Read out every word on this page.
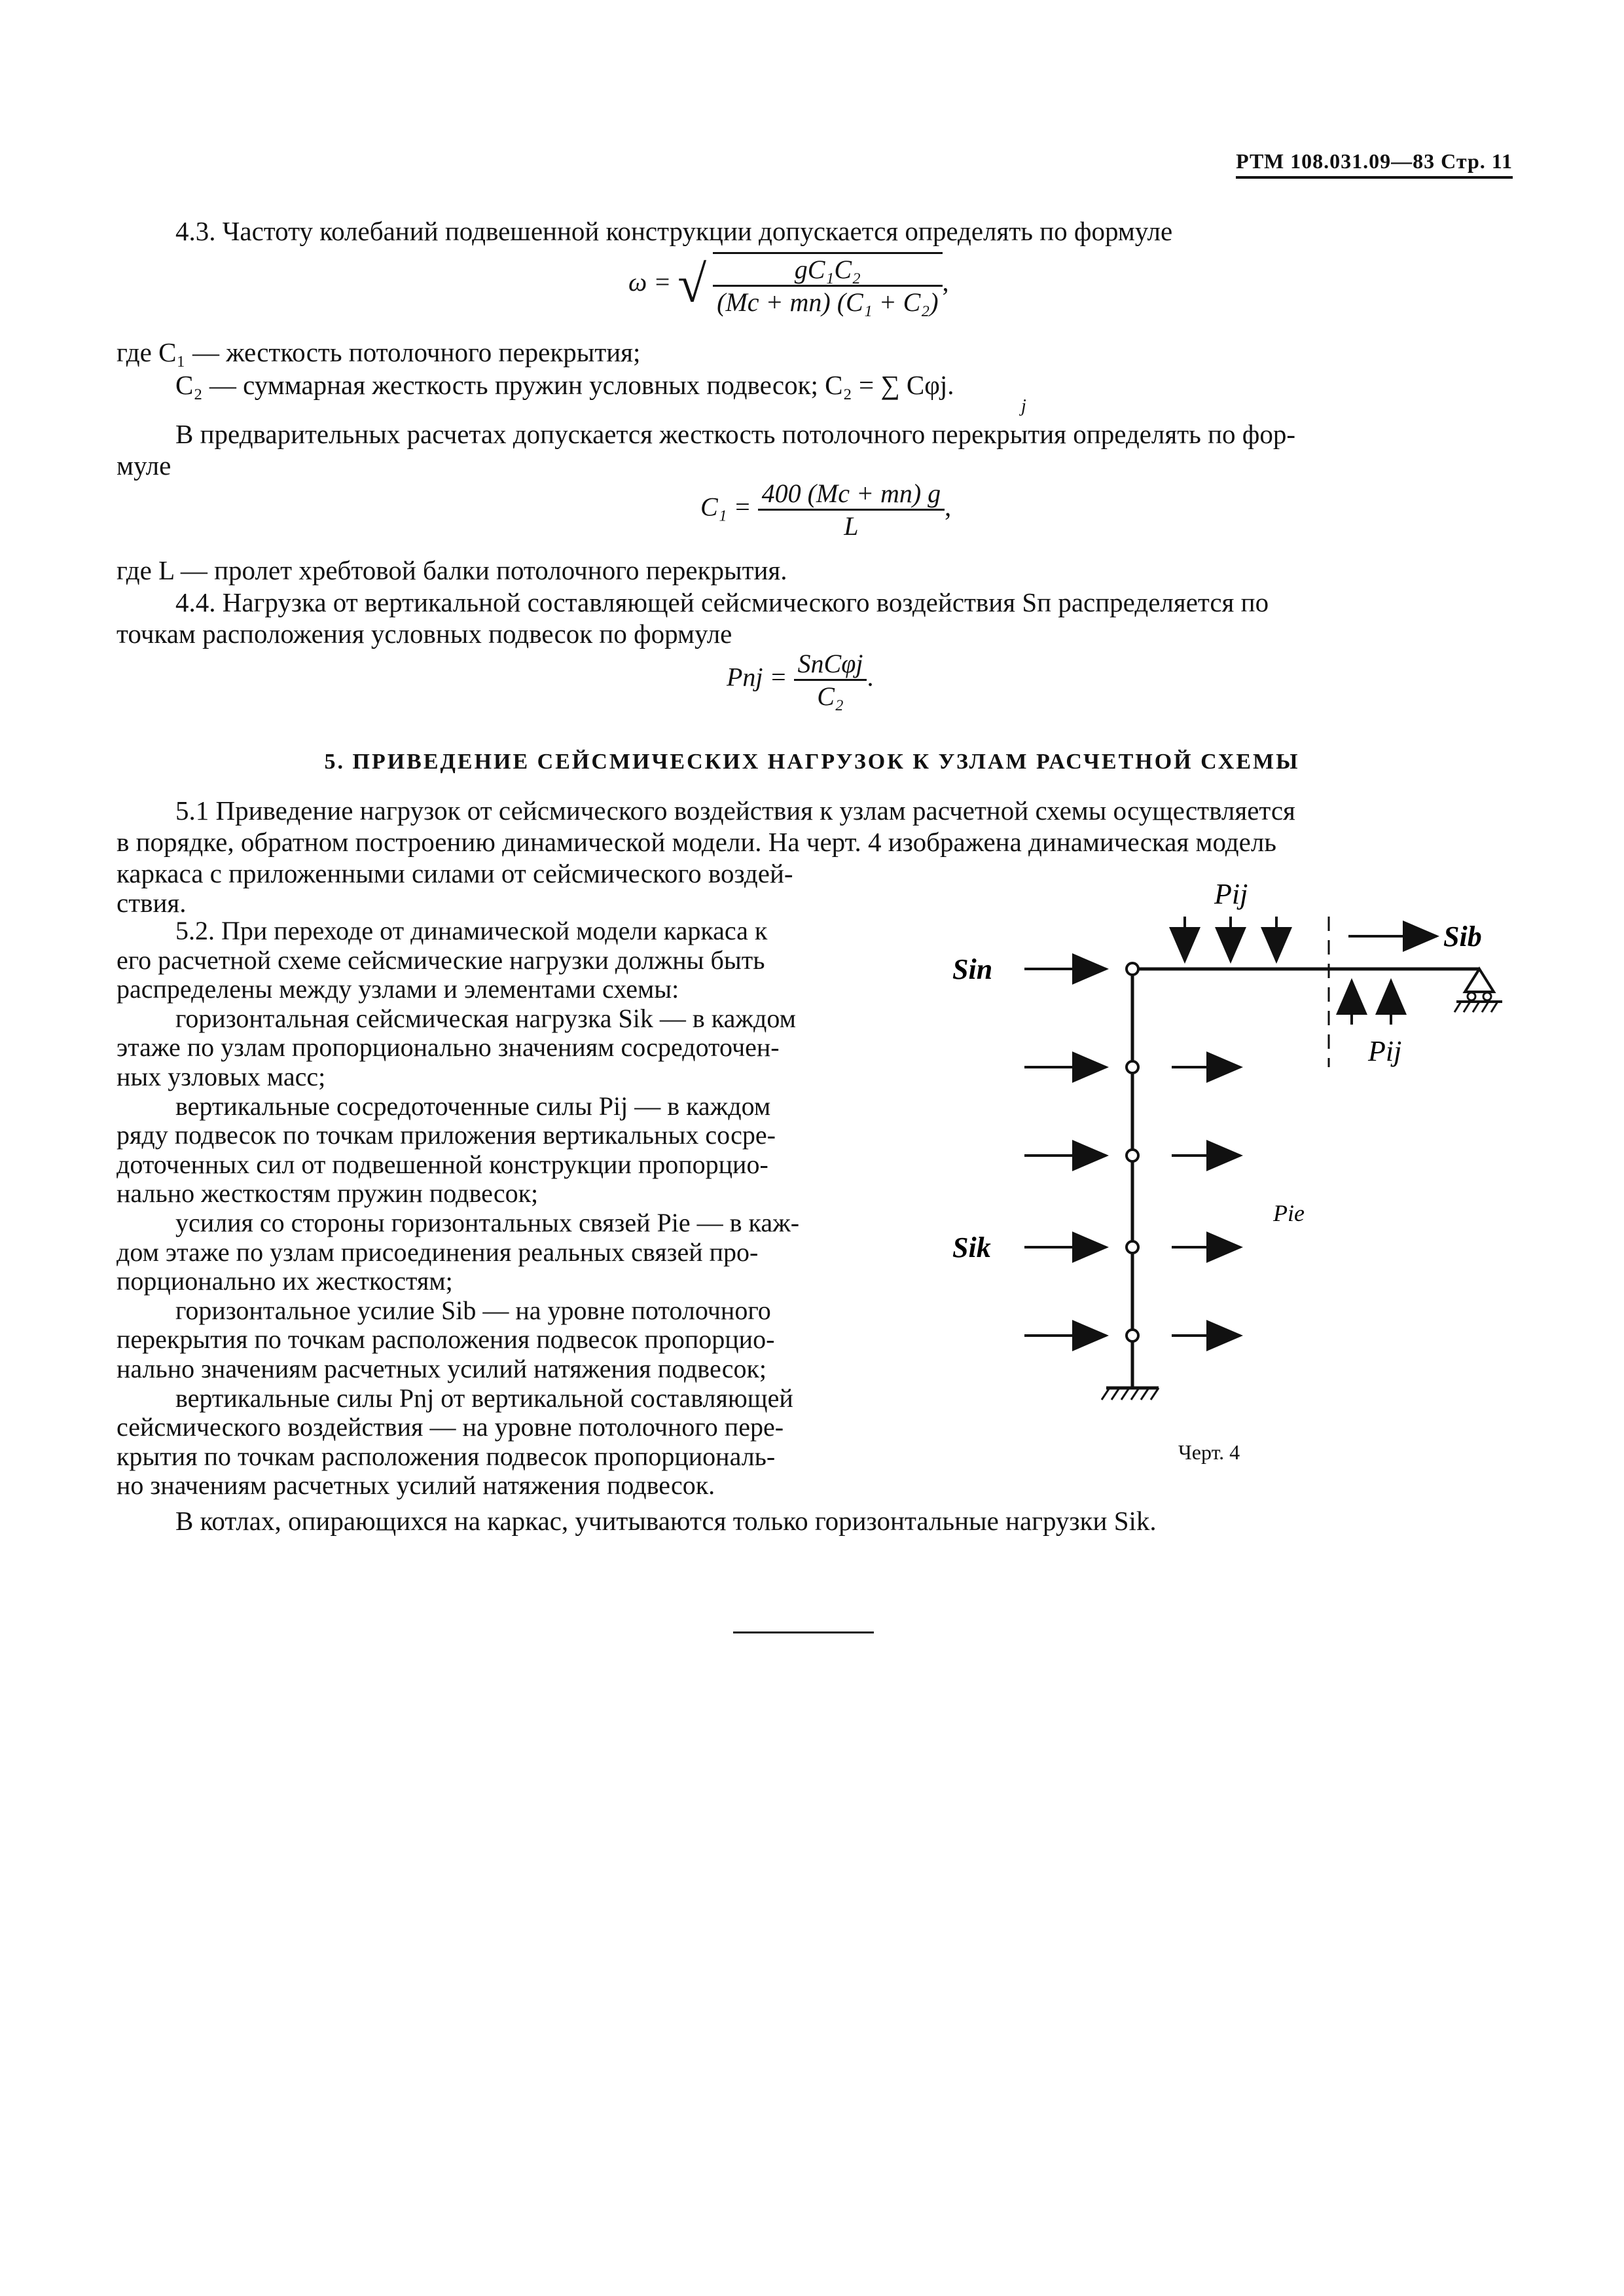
РТМ 108.031.09—83 Стр. 11
4.3. Частоту колебаний подвешенной конструкции допускается определять по формуле
ω = √ $\frac{\text{gC₁C₂}}{\text{(Mс + mп) (C₁ + C₂)}}$ ,
где C₁ — жесткость потолочного перекрытия;
C₂ — суммарная жесткость пружин условных подвесок; C₂ = ∑ Cφj.
j
В предварительных расчетах допускается жесткость потолочного перекрытия определять по фор-
муле
$C_1 = \frac{400 (Mс + mп) g}{L}$ ,
где L — пролет хребтовой балки потолочного перекрытия.
4.4. Нагрузка от вертикальной составляющей сейсмического воздействия Sп распределяется по
точкам расположения условных подвесок по формуле
Pпj = $\frac{\text{SпCφj}}{\text{C₂}}$ .
5. ПРИВЕДЕНИЕ СЕЙСМИЧЕСКИХ НАГРУЗОК К УЗЛАМ РАСЧЕТНОЙ СХЕМЫ
5.1 Приведение нагрузок от сейсмического воздействия к узлам расчетной схемы осуществляется
в порядке, обратном построению динамической модели. На черт. 4 изображена динамическая модель
каркаса с приложенными силами от сейсмического воздей-
ствия.
5.2. При переходе от динамической модели каркаса к
его расчетной схеме сейсмические нагрузки должны быть
распределены между узлами и элементами схемы:
горизонтальная сейсмическая нагрузка Sik — в каждом
этаже по узлам пропорционально значениям сосредоточен-
ных узловых масс;
вертикальные сосредоточенные силы Pij — в каждом
ряду подвесок по точкам приложения вертикальных сосре-
доточенных сил от подвешенной конструкции пропорцио-
нально жесткостям пружин подвесок;
усилия со стороны горизонтальных связей Pie — в каж-
дом этаже по узлам присоединения реальных связей про-
порционально их жесткостям;
горизонтальное усилие Sib — на уровне потолочного
перекрытия по точкам расположения подвесок пропорцио-
нально значениям расчетных усилий натяжения подвесок;
вертикальные силы Pnj от вертикальной составляющей
сейсмического воздействия — на уровне потолочного пере-
крытия по точкам расположения подвесок пропорциональ-
но значениям расчетных усилий натяжения подвесок.
В котлах, опирающихся на каркас, учитываются только горизонтальные нагрузки Sik.
Pij
Sib
Sin
Pij
Pie
Sik
Черт. 4
